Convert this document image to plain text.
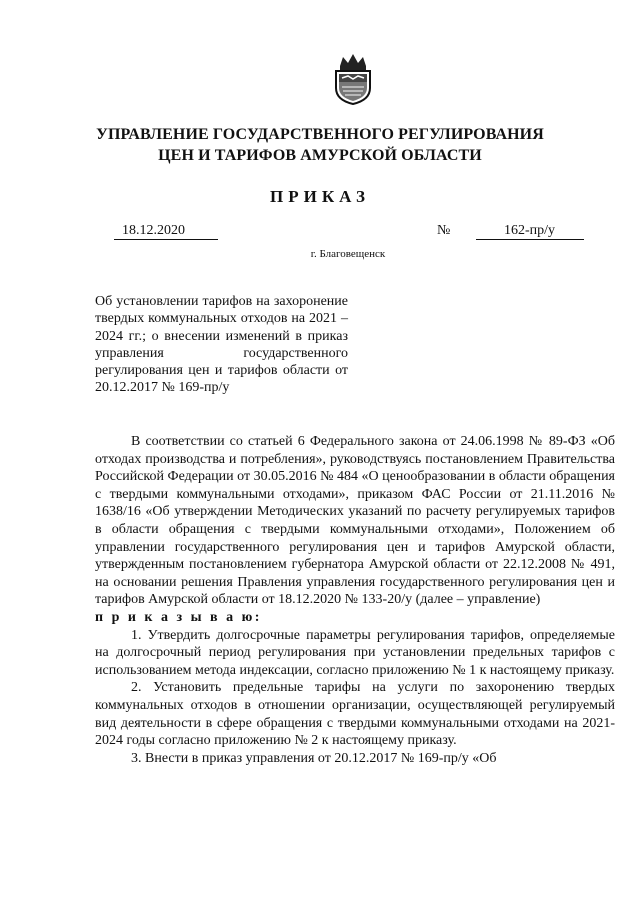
УПРАВЛЕНИЕ ГОСУДАРСТВЕННОГО РЕГУЛИРОВАНИЯ
ЦЕН И ТАРИФОВ АМУРСКОЙ ОБЛАСТИ
ПРИКАЗ
18.12.2020	№	162-пр/у
г. Благовещенск
Об установлении тарифов на захоронение твердых коммунальных отходов на 2021 – 2024 гг.; о внесении изменений в приказ управления государственного регулирования цен и тарифов области от 20.12.2017 № 169-пр/у

В соответствии со статьей 6 Федерального закона от 24.06.1998 № 89-ФЗ «Об отходах производства и потребления», руководствуясь постановлением Правительства Российской Федерации от 30.05.2016 № 484 «О ценообразовании в области обращения с твердыми коммунальными отходами», приказом ФАС России от 21.11.2016 № 1638/16 «Об утверждении Методических указаний по расчету регулируемых тарифов в области обращения с твердыми коммунальными отходами», Положением об управлении государственного регулирования цен и тарифов Амурской области, утвержденным постановлением губернатора Амурской области от 22.12.2008 № 491, на основании решения Правления управления государственного регулирования цен и тарифов Амурской области от 18.12.2020 № 133-20/у (далее – управление)

п р и к а з ы в а ю:

1. Утвердить долгосрочные параметры регулирования тарифов, определяемые на долгосрочный период регулирования при установлении предельных тарифов с использованием метода индексации, согласно приложению № 1 к настоящему приказу.

2. Установить предельные тарифы на услуги по захоронению твердых коммунальных отходов в отношении организации, осуществляющей регулируемый вид деятельности в сфере обращения с твердыми коммунальными отходами на 2021-2024 годы согласно приложению № 2 к настоящему приказу.

3. Внести в приказ управления от 20.12.2017 № 169-пр/у «Об
